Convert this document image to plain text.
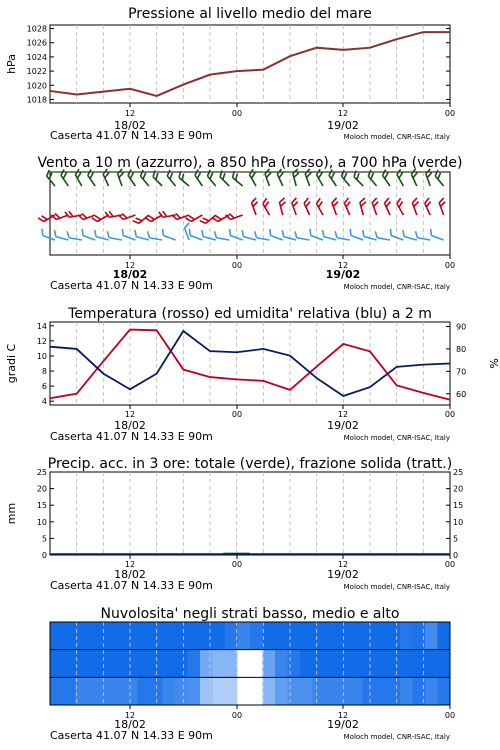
Pressione al livello medio del mare
12	00	12	00
18/02	19/02
Caserta 41.07 N 14.33 E 90m	Moloch model, CNR-ISAC, Italy
1018
1020
1022
1024
1026
1028
hPa
Vento a 10 m (azzurro), a 850 hPa (rosso), a 700 hPa (verde)
12	00	12	00
18/02	19/02
Caserta 41.07 N 14.33 E 90m	Moloch model, CNR-ISAC, Italy
Temperatura (rosso) ed umidita' relativa (blu) a 2 m
12	00	12	00
18/02	19/02
Caserta 41.07 N 14.33 E 90m	Moloch model, CNR-ISAC, Italy
4
6
8
10
12
14
60
70
80
90
gradi C	%
Precip. acc. in 3 ore: totale (verde), frazione solida (tratt.)
12	00	12	00
18/02	19/02
Caserta 41.07 N 14.33 E 90m	Moloch model, CNR-ISAC, Italy
0	0
5	5
10	10
15	15
20	20
25	25
mm
Nuvolosita' negli strati basso, medio e alto
12	00	12	00
18/02	19/02
Caserta 41.07 N 14.33 E 90m	Moloch model, CNR-ISAC, Italy
